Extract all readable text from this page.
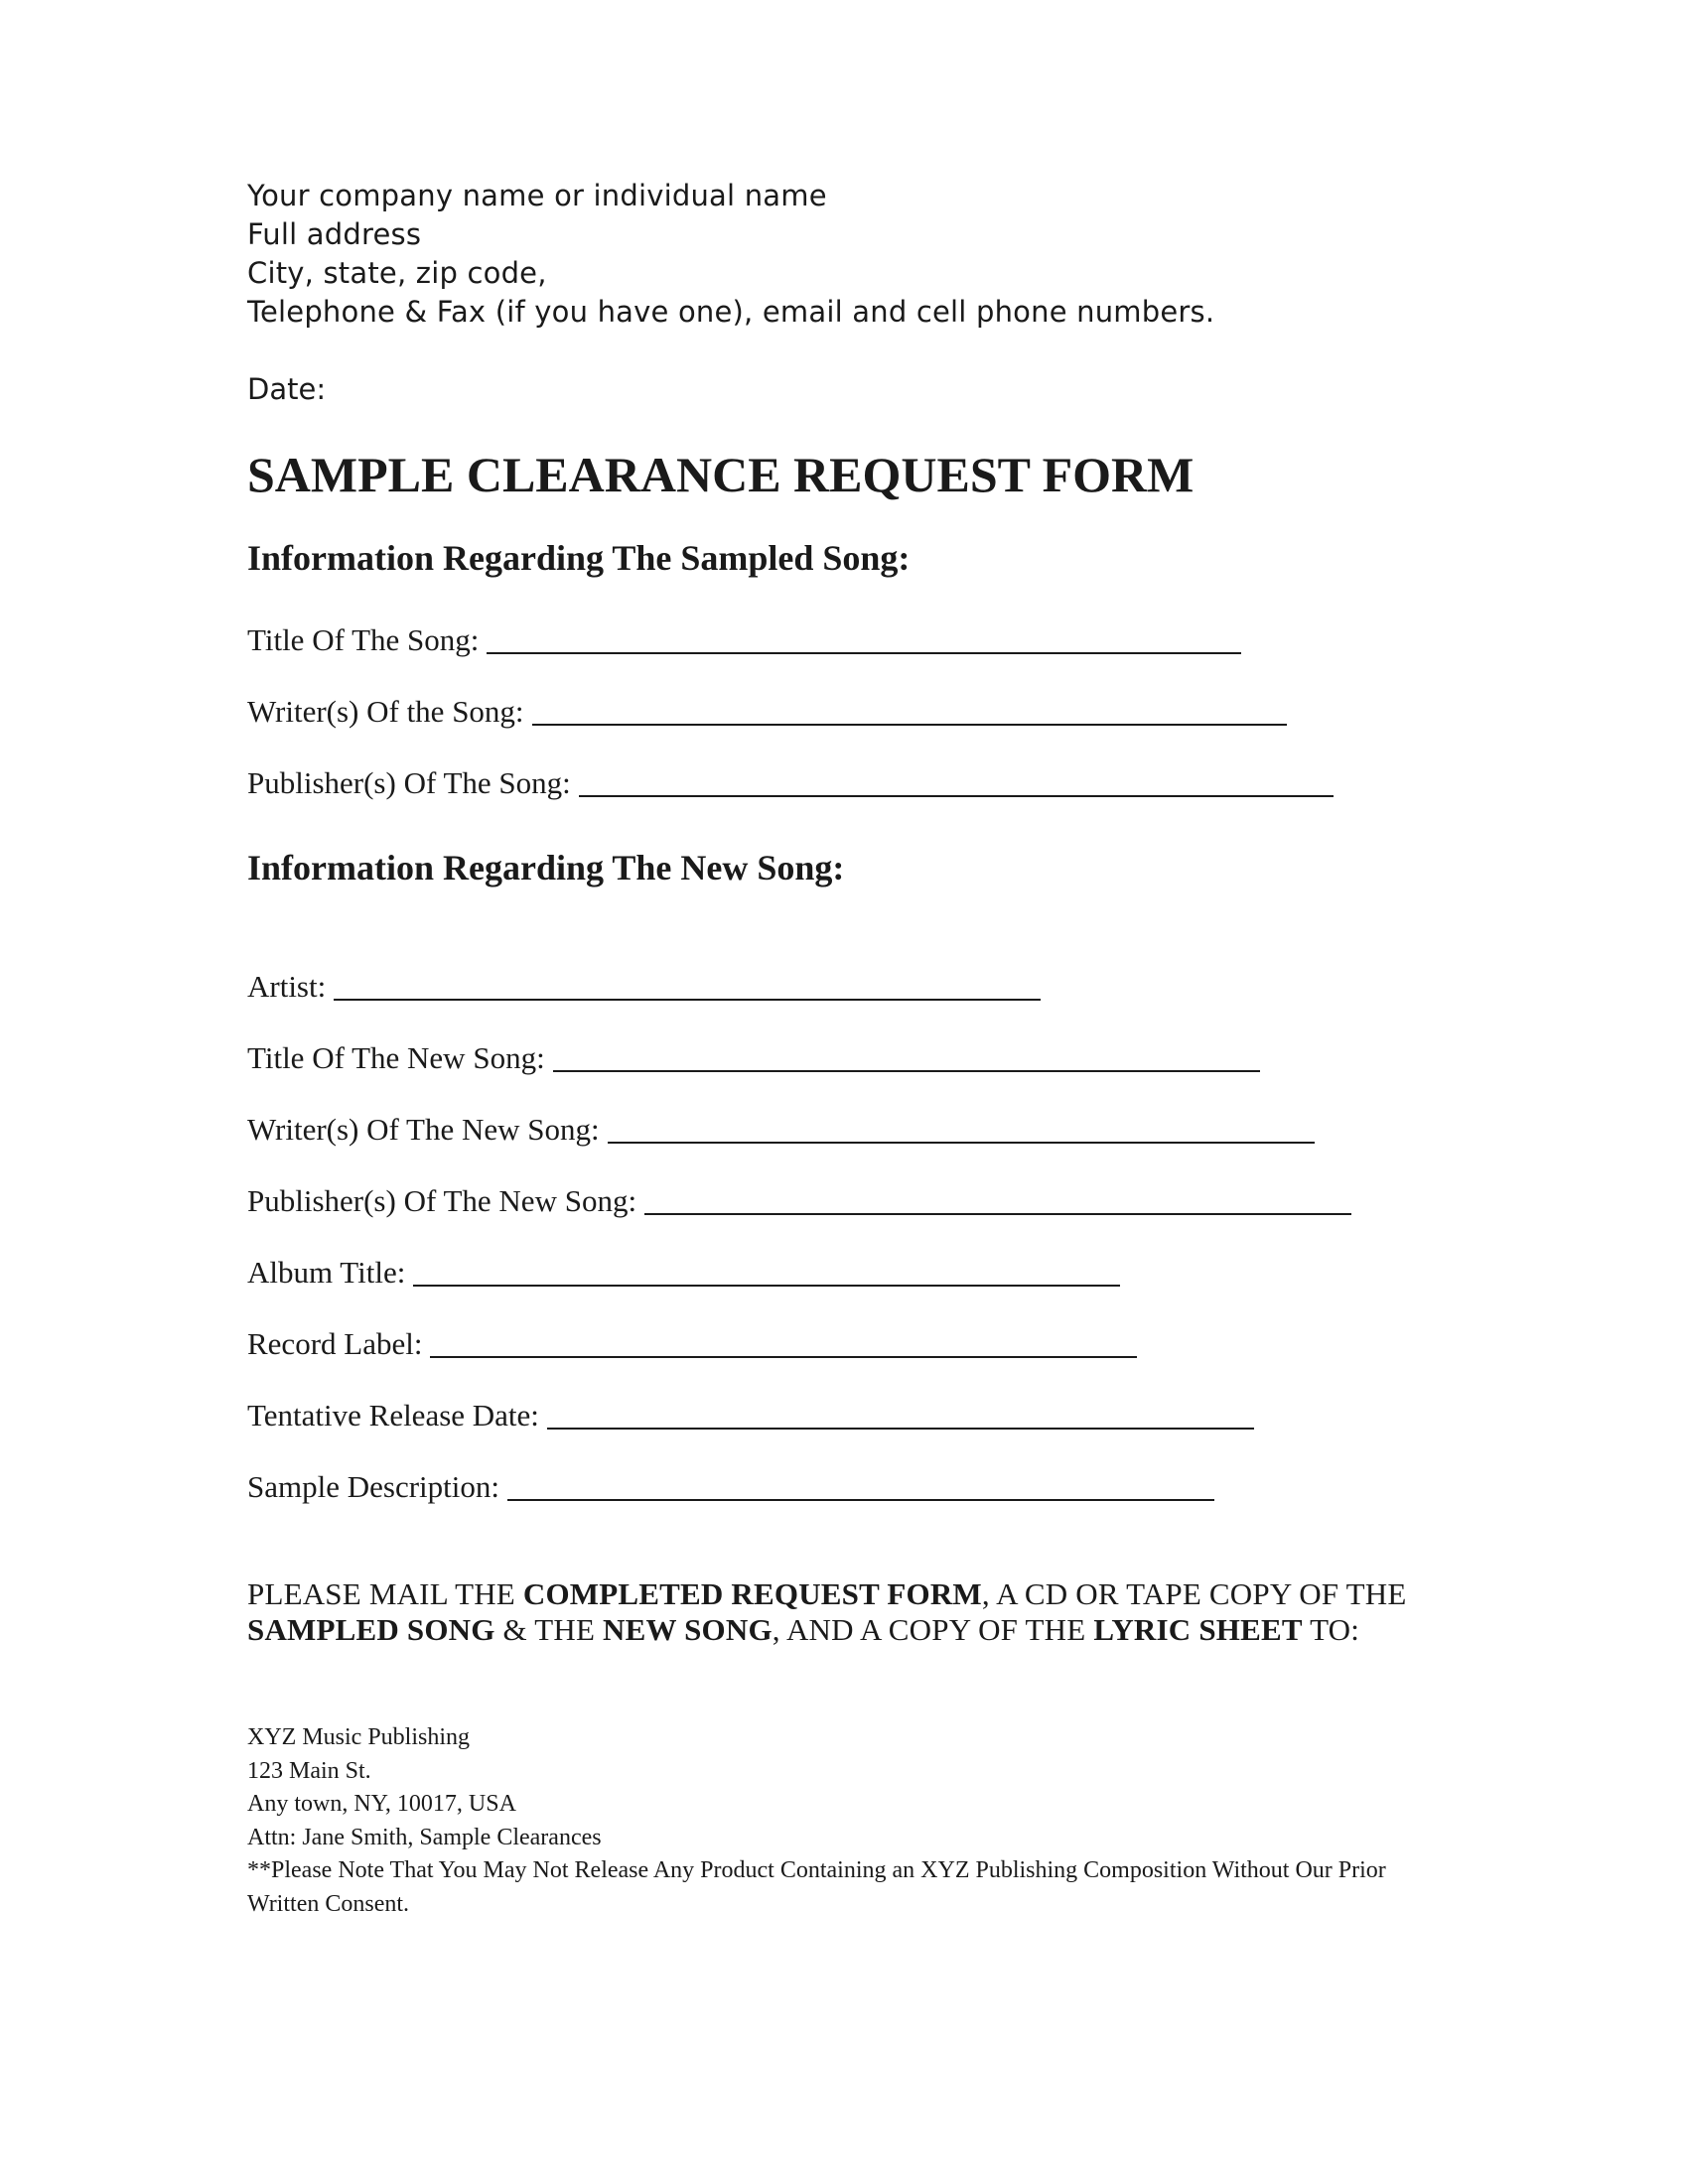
Your company name or individual name
Full address
City, state, zip code,
Telephone & Fax (if you have one), email and cell phone numbers.
Date:
SAMPLE CLEARANCE REQUEST FORM
Information Regarding The Sampled Song:
Title Of The Song:
Writer(s) Of the Song:
Publisher(s) Of The Song:
Information Regarding The New Song:
Artist:
Title Of The New Song:
Writer(s) Of The New Song:
Publisher(s) Of The New Song:
Album Title:
Record Label:
Tentative Release Date:
Sample Description:
PLEASE MAIL THE COMPLETED REQUEST FORM, A CD OR TAPE COPY OF THE SAMPLED SONG & THE NEW SONG, AND A COPY OF THE LYRIC SHEET TO:
XYZ Music Publishing
123 Main St.
Any town, NY, 10017, USA
Attn: Jane Smith, Sample Clearances
**Please Note That You May Not Release Any Product Containing an XYZ Publishing Composition Without Our Prior Written Consent.
